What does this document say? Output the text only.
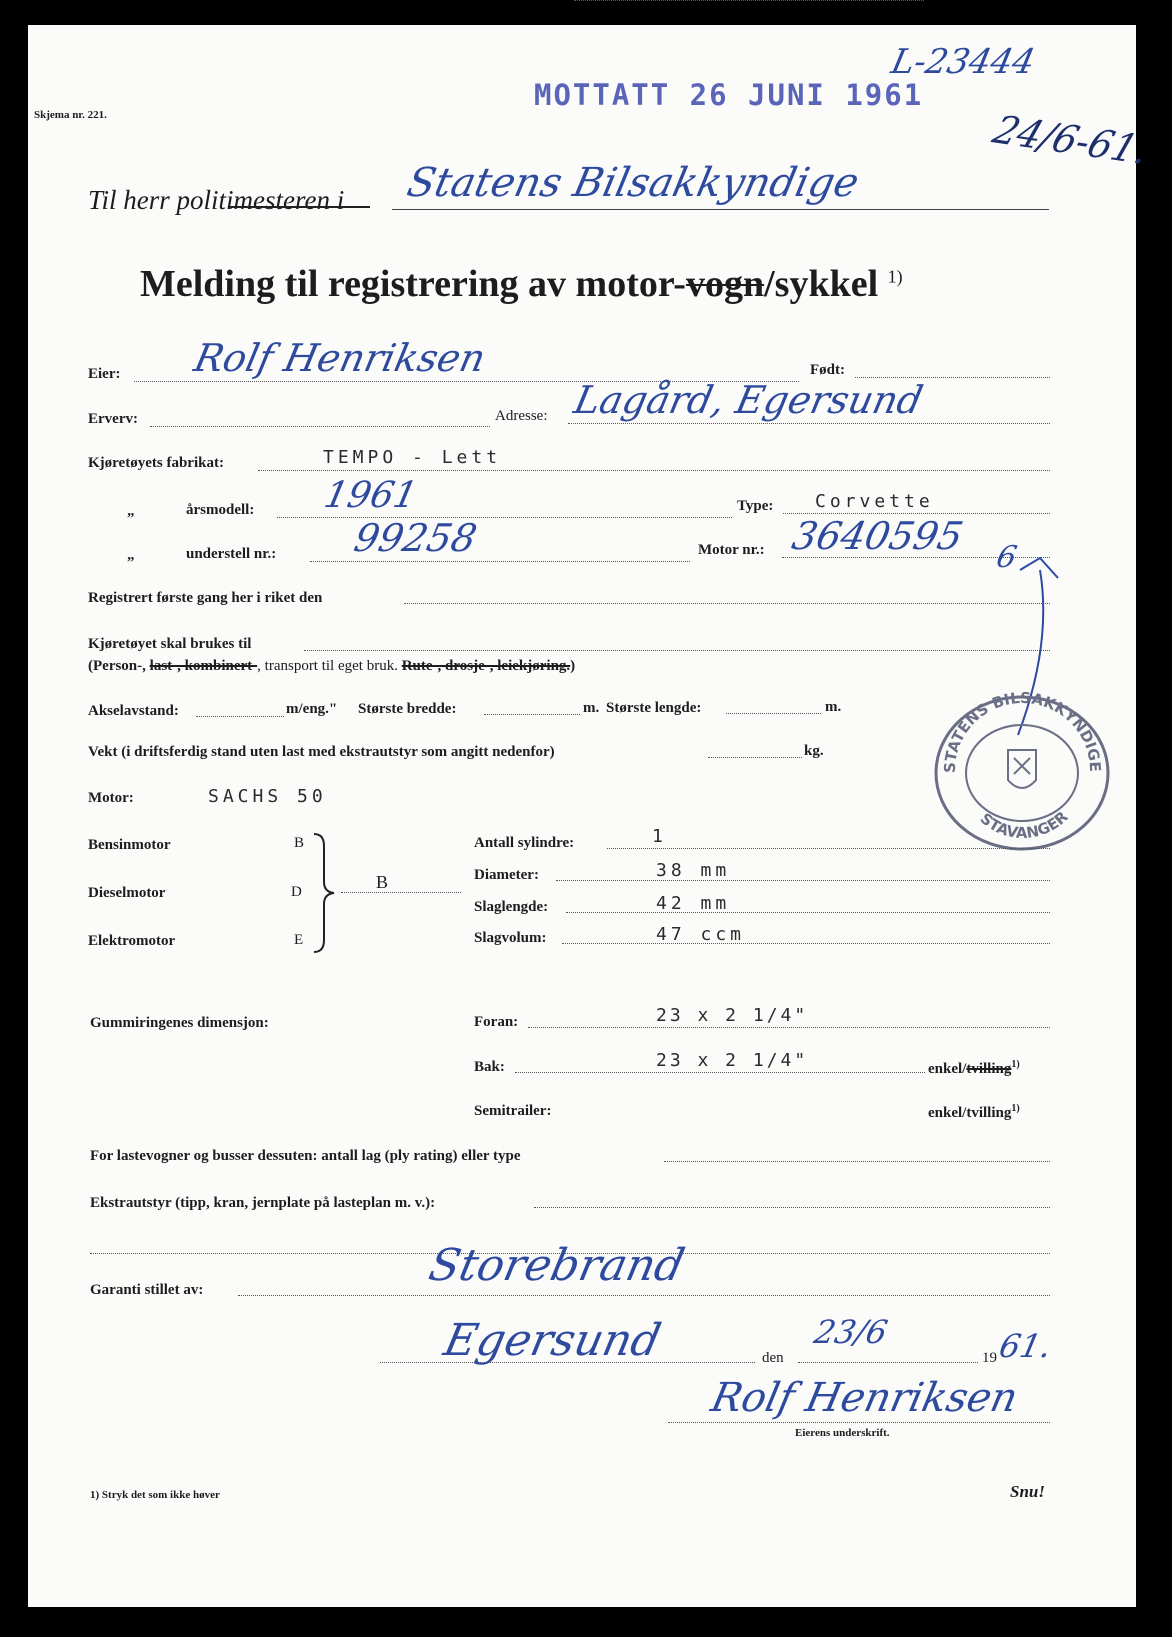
Skjema nr. 221.
MOTTATT 26 JUNI 1961
L-23444
24/6-61.
Til herr politimesteren i Statens Bilsakkyndige
Melding til registrering av motor-vogn/sykkel $^{1)}$
Eier: Rolf Henriksen	Født:
Erverv:	Adresse: Lagård, Egersund
Kjøretøyets fabrikat:	TEMPO - Lett
„	årsmodell: 1961	Type: Corvette
„	understell nr.: 99258	Motor nr.: 3640595 6
Registrert første gang her i riket den
Kjøretøyet skal brukes til
(Person-, last-, kombinert-, transport til eget bruk. Rute-, drosje-, leiekjøring.)
Akselavstand:	m/eng." Største bredde:	m. Største lengde:	m.
Vekt (i driftsferdig stand uten last med ekstrautstyr som angitt nedenfor)	kg.
STATENS BILSAKKYNDIGE
STAVANGER
Motor:	SACHS 50
Bensinmotor	B
Dieselmotor	D
Elektromotor	E
B
Antall sylindre:	1
Diameter:	38 mm
Slaglengde:	42 mm
Slagvolum:	47 ccm
Gummiringenes dimensjon:	Foran:	23 x 2 1/4"
Bak:	23 x 2 1/4"	enkel/tvilling$^{1)}$
Semitrailer:	enkel/tvilling$^{1)}$
For lastevogner og busser dessuten: antall lag (ply rating) eller type
Ekstrautstyr (tipp, kran, jernplate på lasteplan m. v.):
Garanti stillet av:	Storebrand
Egersund	den
23/6
19
61.
Rolf Henriksen
Eierens underskrift.
1) Stryk det som ikke høver	Snu!
